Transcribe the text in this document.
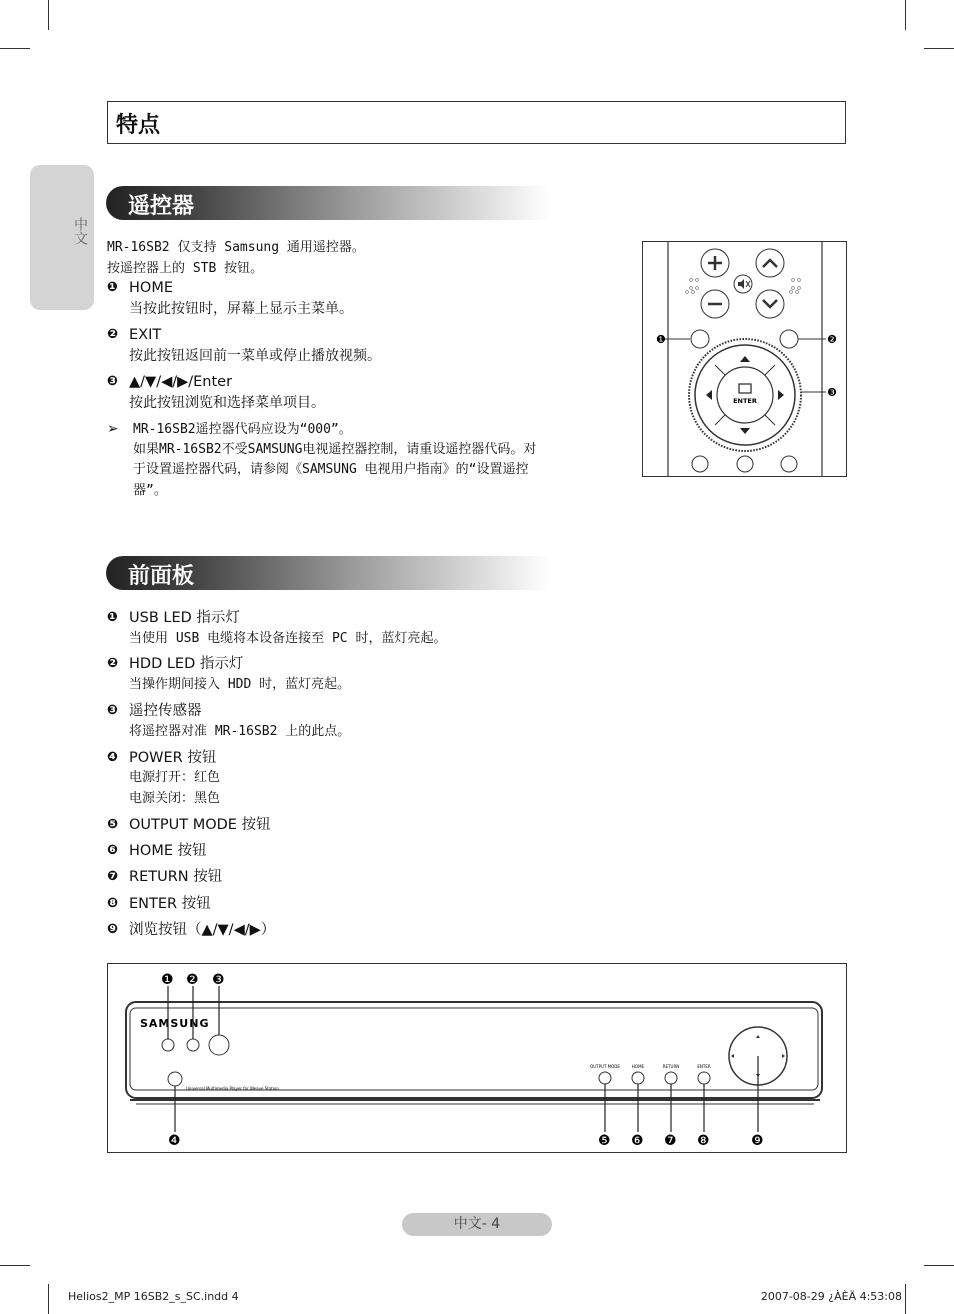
中文
特点
遥控器
MR-16SB2 仅支持 Samsung 通用遥控器。
按遥控器上的 STB 按钮。
❶ HOME
当按此按钮时，屏幕上显示主菜单。
❷ EXIT
按此按钮返回前一菜单或停止播放视频。
❸ ▲/▼/◀/▶/Enter
按此按钮浏览和选择菜单项目。
➢ MR-16SB2遥控器代码应设为“000”。
如果MR-16SB2不受SAMSUNG电视遥控器控制，请重设遥控器代码。对
于设置遥控器代码，请参阅《SAMSUNG 电视用户指南》的“设置遥控
器”。
❶	❷
ENTER
❸
前面板
❶ USB LED 指示灯
当使用 USB 电缆将本设备连接至 PC 时，蓝灯亮起。
❷ HDD LED 指示灯
当操作期间接入 HDD 时，蓝灯亮起。
❸ 遥控传感器
将遥控器对准 MR-16SB2 上的此点。
❹ POWER 按钮
电源打开：红色
电源关闭：黑色
❺ OUTPUT MODE 按钮
❻ HOME 按钮
❼ RETURN 按钮
❽ ENTER 按钮
❾ 浏览按钮（▲/▼/◀/▶）
SAMSUNG
Universal Multimedia Player for Weave Station
OUTPUT MODE	HOME	RETURN	ENTER
❶ ❷ ❸
❹	❺ ❻ ❼ ❽	❾
中文- 4
Helios2_MP 16SB2_s_SC.indd 4	2007-08-29 ¿ÀÈÄ 4:53:08
